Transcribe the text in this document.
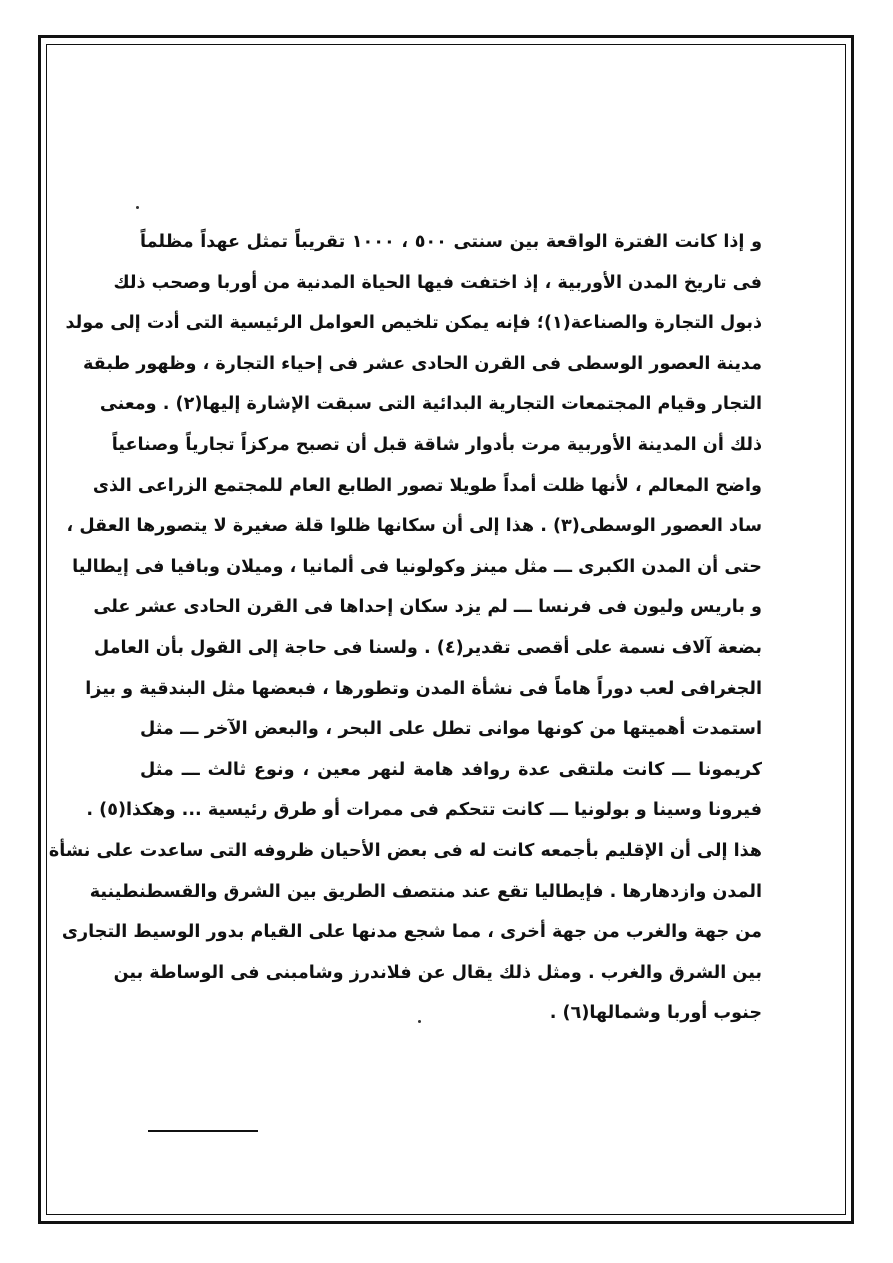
و إذا كانت الفترة الواقعة بين سنتى ٥٠٠ ، ١٠٠٠ تقريباً تمثل عهداً مظلماً
فى تاريخ المدن الأوربية ، إذ اختفت فيها الحياة المدنية من أوربا وصحب ذلك
ذبول التجارة والصناعة(١)؛ فإنه يمكن تلخيص العوامل الرئيسية التى أدت إلى مولد
مدينة العصور الوسطى فى القرن الحادى عشر فى إحياء التجارة ، وظهور طبقة
التجار وقيام المجتمعات التجارية البدائية التى سبقت الإشارة إليها(٢) . ومعنى
ذلك أن المدينة الأوربية مرت بأدوار شاقة قبل أن تصبح مركزاً تجارياً وصناعياً
واضح المعالم ، لأنها ظلت أمداً طويلا تصور الطابع العام للمجتمع الزراعى الذى
ساد العصور الوسطى(٣) . هذا إلى أن سكانها ظلوا قلة صغيرة لا يتصورها العقل ،
حتى أن المدن الكبرى ـــ مثل مينز وكولونيا فى ألمانيا ، وميلان وبافيا فى إيطاليا
و باريس وليون فى فرنسا ـــ لم يزد سكان إحداها فى القرن الحادى عشر على
بضعة آلاف نسمة على أقصى تقدير(٤) . ولسنا فى حاجة إلى القول بأن العامل
الجغرافى لعب دوراً هاماً فى نشأة المدن وتطورها ، فبعضها مثل البندقية و بيزا
استمدت أهميتها من كونها موانى تطل على البحر ، والبعض الآخر ـــ مثل
كريمونا ـــ كانت ملتقى عدة روافد هامة لنهر معين ، ونوع ثالث ـــ مثل
فيرونا وسينا و بولونيا ـــ كانت تتحكم فى ممرات أو طرق رئيسية ... وهكذا(٥) .
هذا إلى أن الإقليم بأجمعه كانت له فى بعض الأحيان ظروفه التى ساعدت على نشأة
المدن وازدهارها . فإيطاليا تقع عند منتصف الطريق بين الشرق والقسطنطينية
من جهة والغرب من جهة أخرى ، مما شجع مدنها على القيام بدور الوسيط التجارى
بين الشرق والغرب . ومثل ذلك يقال عن فلاندرز وشامبنى فى الوساطة بين
جنوب أوربا وشمالها(٦) .
